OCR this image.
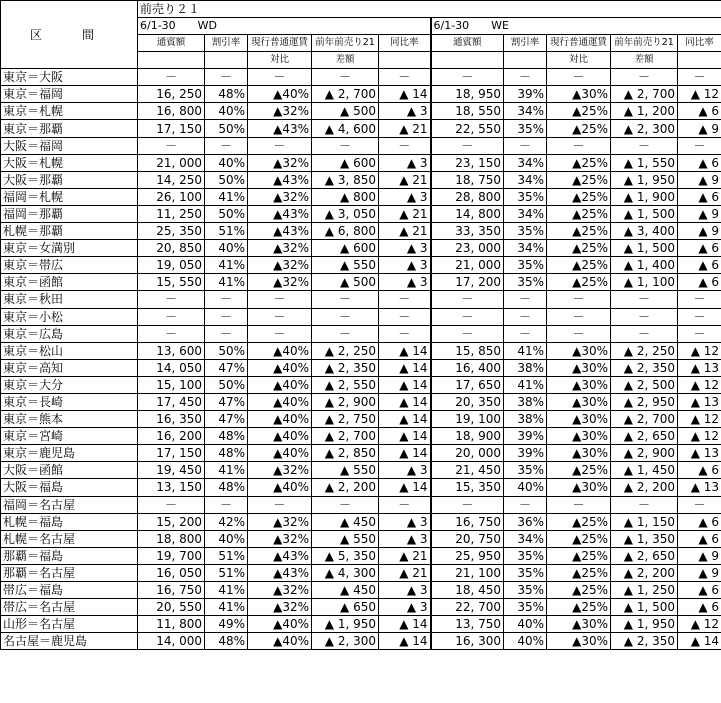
区　間	前売り２１									
	6/1-30　　WD					6/1-30　　WE				
	通賓額	割引率	現行普通運賃	前年前売り21	同比率	通賓額	割引率	現行普通運賃	前年前売り21	同比率
			対比	差額				対比	差額	
東京＝大阪	－	－	－	－	－	－	－	－	－	－
東京＝福岡	16, 250	48%	▲40%	▲ 2, 700	▲ 14	18, 950	39%	▲30%	▲ 2, 700	▲ 12
東京＝札幌	16, 800	40%	▲32%	▲ 500	▲ 3	18, 550	34%	▲25%	▲ 1, 200	▲ 6
東京＝那覇	17, 150	50%	▲43%	▲ 4, 600	▲ 21	22, 550	35%	▲25%	▲ 2, 300	▲ 9
大阪＝福岡	－	－	－	－	－	－	－	－	－	－
大阪＝札幌	21, 000	40%	▲32%	▲ 600	▲ 3	23, 150	34%	▲25%	▲ 1, 550	▲ 6
大阪＝那覇	14, 250	50%	▲43%	▲ 3, 850	▲ 21	18, 750	34%	▲25%	▲ 1, 950	▲ 9
福岡＝札幌	26, 100	41%	▲32%	▲ 800	▲ 3	28, 800	35%	▲25%	▲ 1, 900	▲ 6
福岡＝那覇	11, 250	50%	▲43%	▲ 3, 050	▲ 21	14, 800	34%	▲25%	▲ 1, 500	▲ 9
札幌＝那覇	25, 350	51%	▲43%	▲ 6, 800	▲ 21	33, 350	35%	▲25%	▲ 3, 400	▲ 9
東京＝女満別	20, 850	40%	▲32%	▲ 600	▲ 3	23, 000	34%	▲25%	▲ 1, 500	▲ 6
東京＝帯広	19, 050	41%	▲32%	▲ 550	▲ 3	21, 000	35%	▲25%	▲ 1, 400	▲ 6
東京＝函館	15, 550	41%	▲32%	▲ 500	▲ 3	17, 200	35%	▲25%	▲ 1, 100	▲ 6
東京＝秋田	－	－	－	－	－	－	－	－	－	－
東京＝小松	－	－	－	－	－	－	－	－	－	－
東京＝広島	－	－	－	－	－	－	－	－	－	－
東京＝松山	13, 600	50%	▲40%	▲ 2, 250	▲ 14	15, 850	41%	▲30%	▲ 2, 250	▲ 12
東京＝高知	14, 050	47%	▲40%	▲ 2, 350	▲ 14	16, 400	38%	▲30%	▲ 2, 350	▲ 13
東京＝大分	15, 100	50%	▲40%	▲ 2, 550	▲ 14	17, 650	41%	▲30%	▲ 2, 500	▲ 12
東京＝長崎	17, 450	47%	▲40%	▲ 2, 900	▲ 14	20, 350	38%	▲30%	▲ 2, 950	▲ 13
東京＝熊本	16, 350	47%	▲40%	▲ 2, 750	▲ 14	19, 100	38%	▲30%	▲ 2, 700	▲ 12
東京＝宮崎	16, 200	48%	▲40%	▲ 2, 700	▲ 14	18, 900	39%	▲30%	▲ 2, 650	▲ 12
東京＝鹿児島	17, 150	48%	▲40%	▲ 2, 850	▲ 14	20, 000	39%	▲30%	▲ 2, 900	▲ 13
大阪＝函館	19, 450	41%	▲32%	▲ 550	▲ 3	21, 450	35%	▲25%	▲ 1, 450	▲ 6
大阪＝福島	13, 150	48%	▲40%	▲ 2, 200	▲ 14	15, 350	40%	▲30%	▲ 2, 200	▲ 13
福岡＝名古屋	－	－	－	－	－	－	－	－	－	－
札幌＝福島	15, 200	42%	▲32%	▲ 450	▲ 3	16, 750	36%	▲25%	▲ 1, 150	▲ 6
札幌＝名古屋	18, 800	40%	▲32%	▲ 550	▲ 3	20, 750	34%	▲25%	▲ 1, 350	▲ 6
那覇＝福島	19, 700	51%	▲43%	▲ 5, 350	▲ 21	25, 950	35%	▲25%	▲ 2, 650	▲ 9
那覇＝名古屋	16, 050	51%	▲43%	▲ 4, 300	▲ 21	21, 100	35%	▲25%	▲ 2, 200	▲ 9
帯広＝福島	16, 750	41%	▲32%	▲ 450	▲ 3	18, 450	35%	▲25%	▲ 1, 250	▲ 6
帯広＝名古屋	20, 550	41%	▲32%	▲ 650	▲ 3	22, 700	35%	▲25%	▲ 1, 500	▲ 6
山形＝名古屋	11, 800	49%	▲40%	▲ 1, 950	▲ 14	13, 750	40%	▲30%	▲ 1, 950	▲ 12
名古屋＝鹿児島	14, 000	48%	▲40%	▲ 2, 300	▲ 14	16, 300	40%	▲30%	▲ 2, 350	▲ 14
